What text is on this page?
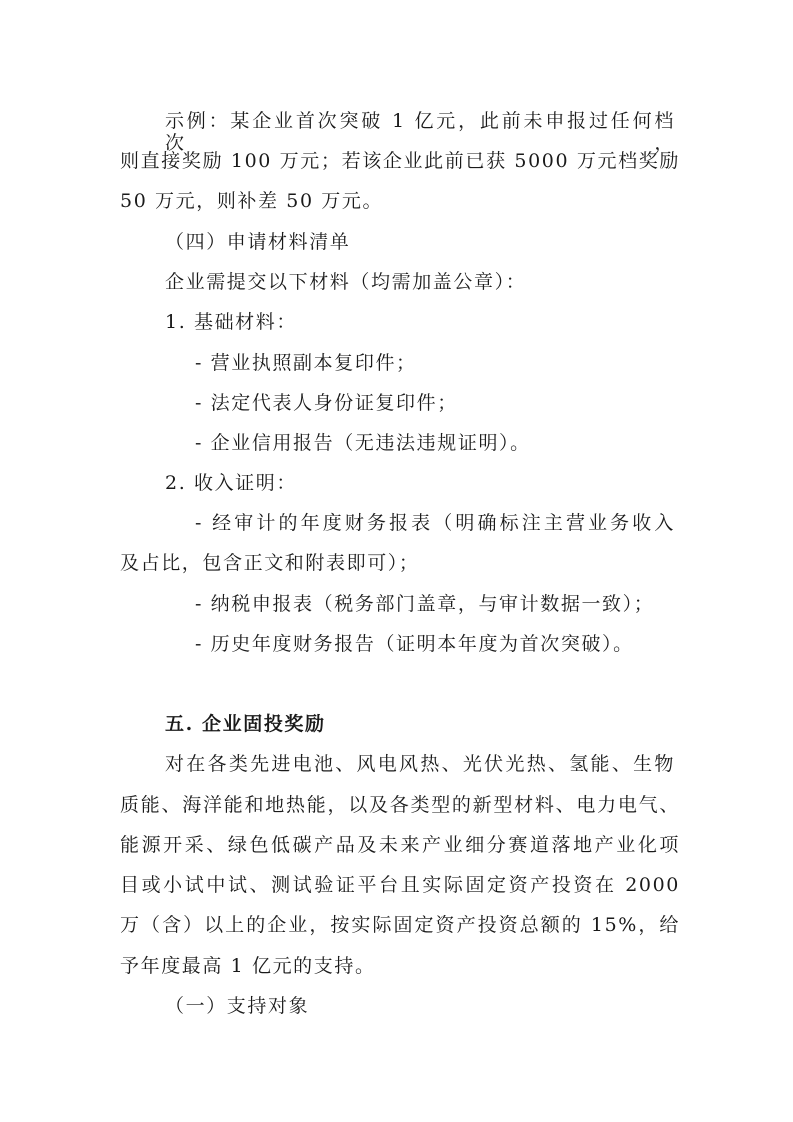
示例：某企业首次突破 1 亿元，此前未申报过任何档次，
则直接奖励 100 万元；若该企业此前已获 5000 万元档奖励
50 万元，则补差 50 万元。
（四）申请材料清单
企业需提交以下材料（均需加盖公章）：
1. 基础材料：
- 营业执照副本复印件；
- 法定代表人身份证复印件；
- 企业信用报告（无违法违规证明）。
2. 收入证明：
- 经审计的年度财务报表（明确标注主营业务收入
及占比，包含正文和附表即可）；
- 纳税申报表（税务部门盖章，与审计数据一致）；
- 历史年度财务报告（证明本年度为首次突破）。
五. 企业固投奖励
对在各类先进电池、风电风热、光伏光热、氢能、生物
质能、海洋能和地热能，以及各类型的新型材料、电力电气、
能源开采、绿色低碳产品及未来产业细分赛道落地产业化项
目或小试中试、测试验证平台且实际固定资产投资在 2000
万（含）以上的企业，按实际固定资产投资总额的 15%，给
予年度最高 1 亿元的支持。
（一）支持对象
